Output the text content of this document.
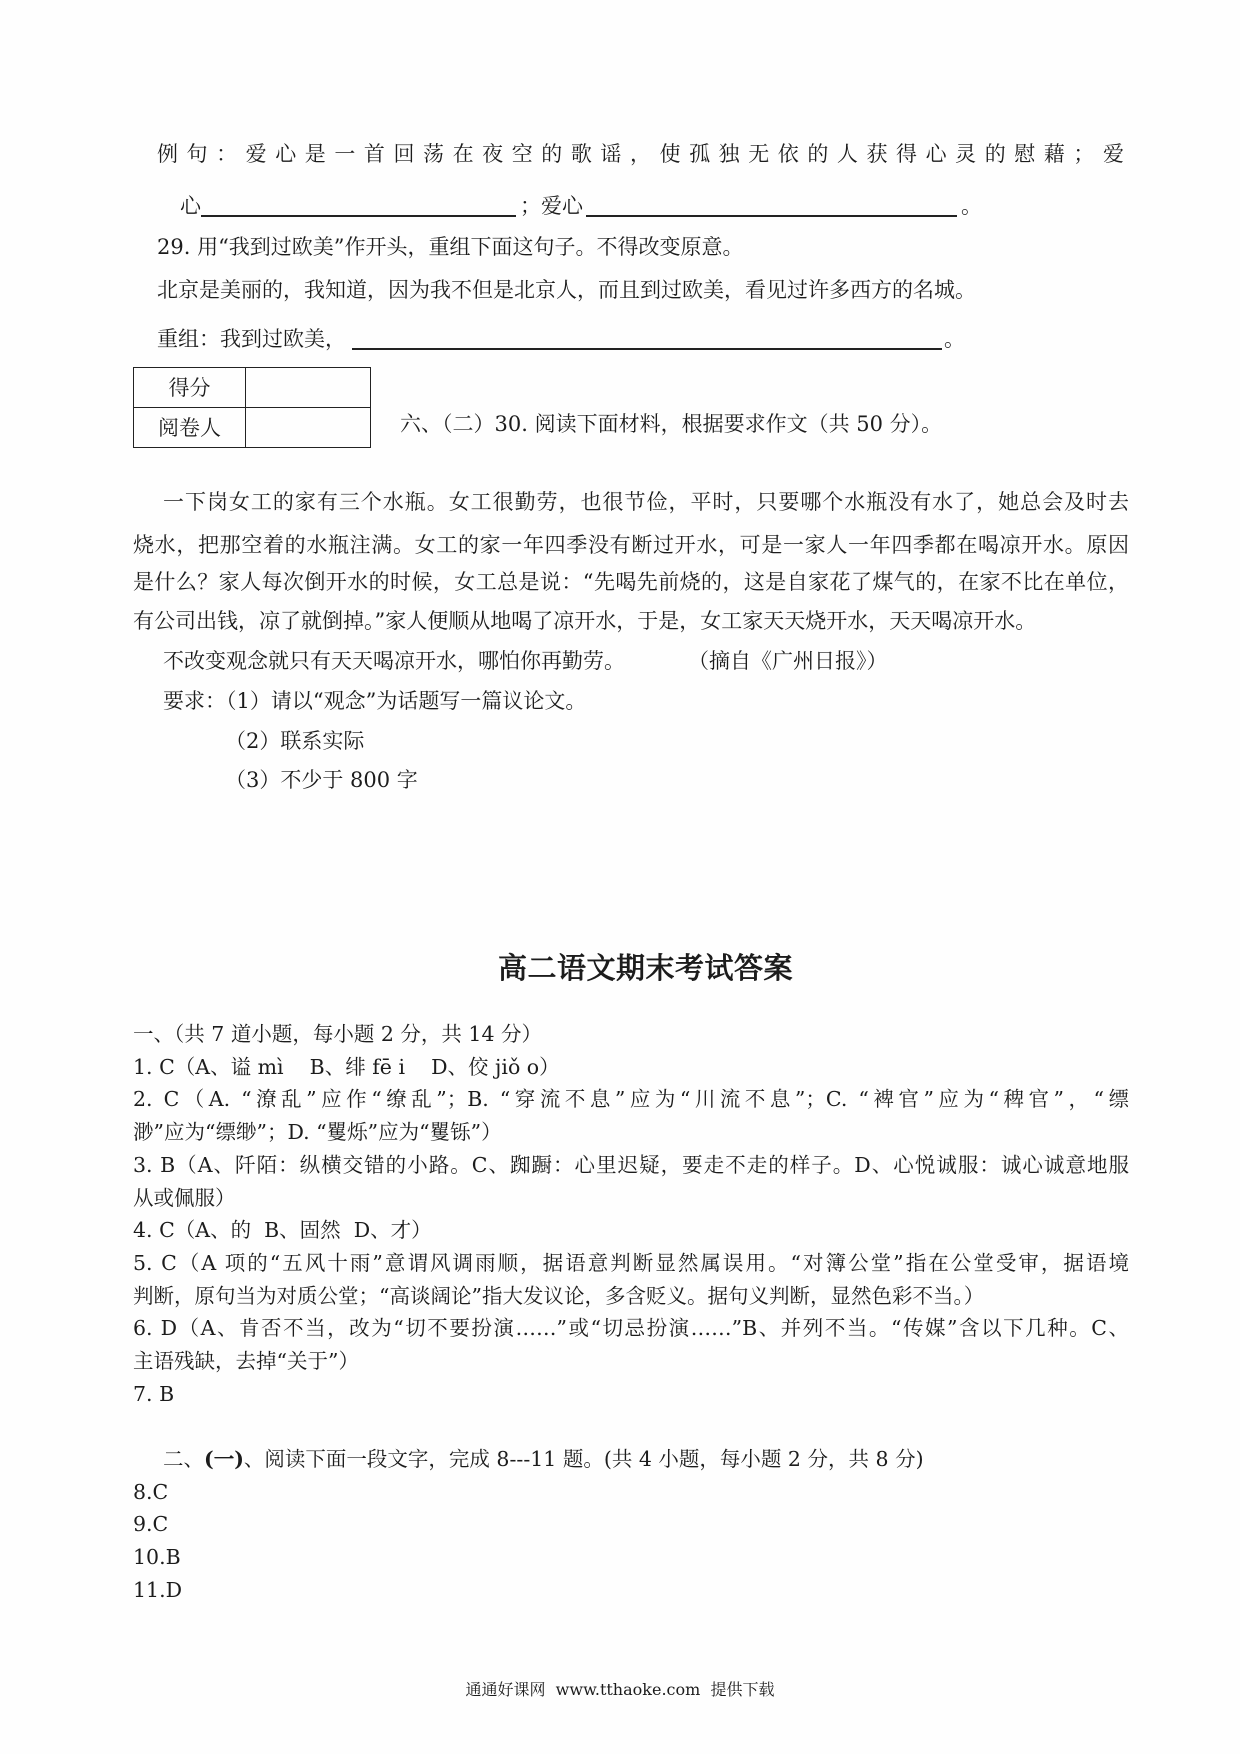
例句：爱心是一首回荡在夜空的歌谣，使孤独无依的人获得心灵的慰藉；爱
心	；爱心	。
29. 用“我到过欧美”作开头，重组下面这句子。不得改变原意。
北京是美丽的，我知道，因为我不但是北京人，而且到过欧美，看见过许多西方的名城。
重组：我到过欧美，	。
得分	
阅卷人		六、（二）30. 阅读下面材料，根据要求作文（共 50 分）。
一下岗女工的家有三个水瓶。女工很勤劳，也很节俭，平时，只要哪个水瓶没有水了，她总会及时去
烧水，把那空着的水瓶注满。女工的家一年四季没有断过开水，可是一家人一年四季都在喝凉开水。原因
是什么？家人每次倒开水的时候，女工总是说：“先喝先前烧的，这是自家花了煤气的，在家不比在单位，
有公司出钱，凉了就倒掉。”家人便顺从地喝了凉开水，于是，女工家天天烧开水，天天喝凉开水。
不改变观念就只有天天喝凉开水，哪怕你再勤劳。	（摘自《广州日报》）
要求：（1）请以“观念”为话题写一篇议论文。
（2）联系实际
（3）不少于 800 字
高二语文期末考试答案
一、（共 7 道小题，每小题 2 分，共 14 分）
1. C（A、谥 mì    B、绯 fē i    D、佼 jiǒ o）
2. C（A. “潦乱”应作“缭乱”；B. “穿流不息”应为“川流不息”；C. “裨官”应为“稗官”，“缥
渺”应为“缥缈”；D. “矍烁”应为“矍铄”）
3. B（A、阡陌：纵横交错的小路。C、踟蹰：心里迟疑，要走不走的样子。D、心悦诚服：诚心诚意地服
从或佩服）
4. C（A、的  B、固然  D、才）
5. C（A 项的“五风十雨”意谓风调雨顺，据语意判断显然属误用。“对簿公堂”指在公堂受审，据语境
判断，原句当为对质公堂；“高谈阔论”指大发议论，多含贬义。据句义判断，显然色彩不当。）
6. D（A、肯否不当，改为“切不要扮演……”或“切忌扮演……”B、并列不当。“传媒”含以下几种。C、
主语残缺，去掉“关于”）
7. B
二、(一)、阅读下面一段文字，完成 8---11 题。(共 4 小题，每小题 2 分，共 8 分)
8.C
9.C
10.B
11.D
通通好课网  www.tthaoke.com  提供下载
